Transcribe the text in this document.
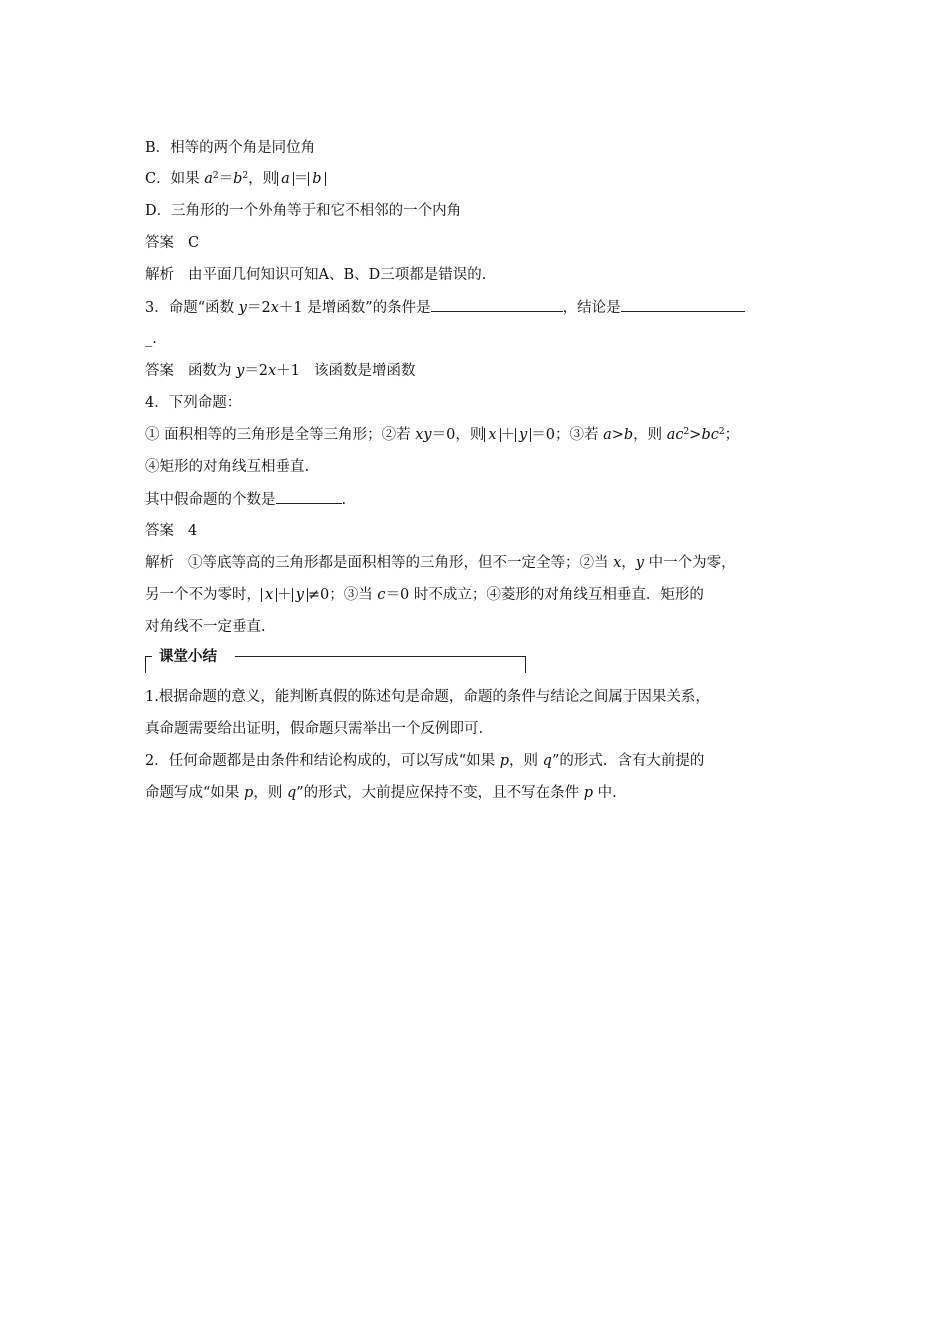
B．相等的两个角是同位角
C．如果 $a^2=b^2$，则 a ＝ b
D．三角形的一个外角等于和它不相邻的一个内角
答案 C
解析 由平面几何知识可知A、B、D三项都是错误的.
3．命题“函数 y＝2x＋1 是增函数”的条件是	，结论是
_.
答案 函数为 y＝2x＋1 该函数是增函数
4．下列命题：
① 面积相等的三角形是全等三角形；②若 xy＝0，则 x ＋ y ＝0；③若 a>b，则 $ac^2>bc^2$；
④矩形的对角线互相垂直.
其中假命题的个数是	.
答案 4
解析 ①等底等高的三角形都是面积相等的三角形，但不一定全等；②当 x，y 中一个为零，
另一个不为零时， x ＋ y ≠0；③当 c＝0 时不成立；④菱形的对角线互相垂直．矩形的
对角线不一定垂直.
课堂小结
1.根据命题的意义，能判断真假的陈述句是命题，命题的条件与结论之间属于因果关系，
真命题需要给出证明，假命题只需举出一个反例即可.
2．任何命题都是由条件和结论构成的，可以写成“如果 p，则 q”的形式．含有大前提的
命题写成“如果 p，则 q”的形式，大前提应保持不变，且不写在条件 p 中.
